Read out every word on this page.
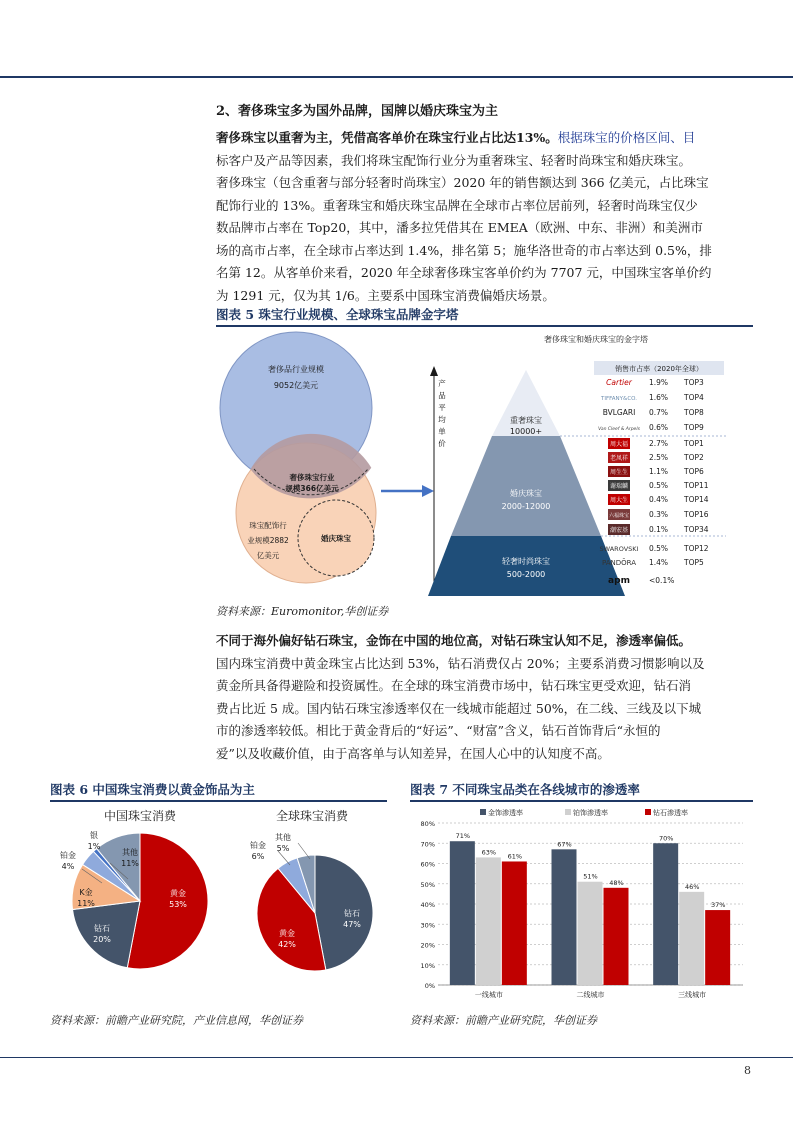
2、奢侈珠宝多为国外品牌，国牌以婚庆珠宝为主
奢侈珠宝以重奢为主，凭借高客单价在珠宝行业占比达13%。根据珠宝的价格区间、目
标客户及产品等因素，我们将珠宝配饰行业分为重奢珠宝、轻奢时尚珠宝和婚庆珠宝。
奢侈珠宝（包含重奢与部分轻奢时尚珠宝）2020 年的销售额达到 366 亿美元，占比珠宝
配饰行业的 13%。重奢珠宝和婚庆珠宝品牌在全球市占率位居前列，轻奢时尚珠宝仅少
数品牌市占率在 Top20，其中，潘多拉凭借其在 EMEA（欧洲、中东、非洲）和美洲市
场的高市占率，在全球市占率达到 1.4%，排名第 5；施华洛世奇的市占率达到 0.5%，排
名第 12。从客单价来看，2020 年全球奢侈珠宝客单价约为 7707 元，中国珠宝客单价约
为 1291 元，仅为其 1/6。主要系中国珠宝消费偏婚庆场景。
图表 5 珠宝行业规模、全球珠宝品牌金字塔
奢侈品行业规模
9052亿美元
奢侈珠宝行业
规模366亿美元
珠宝配饰行
业规模2882
亿美元
婚庆珠宝
奢侈珠宝和婚庆珠宝的金字塔
产
品
平
均
单
价
重奢珠宝
10000+
婚庆珠宝
2000-12000
轻奢时尚珠宝
500-2000
销售市占率（2020年全球）
Cartier 1.9% TOP3
TIFFANY&CO. 1.6% TOP4
BVLGARI 0.7% TOP8
Van Cleef & Arpels 0.6% TOP9
周大福	2.7% TOP1
老凤祥	2.5% TOP2
周生生	1.1% TOP6
谢瑞麟	0.5% TOP11
周大生	0.4% TOP14
六福珠宝	0.3% TOP16
潮宏基	0.1% TOP34
SWAROVSKI 0.5% TOP12
PANDŌRA 1.4% TOP5
apm	<0.1%
资料来源：Euromonitor,华创证券
不同于海外偏好钻石珠宝，金饰在中国的地位高，对钻石珠宝认知不足，渗透率偏低。
国内珠宝消费中黄金珠宝占比达到 53%，钻石消费仅占 20%；主要系消费习惯影响以及
黄金所具备得避险和投资属性。在全球的珠宝消费市场中，钻石珠宝更受欢迎，钻石消
费占比近 5 成。国内钻石珠宝渗透率仅在一线城市能超过 50%，在二线、三线及以下城
市的渗透率较低。相比于黄金背后的“好运”、“财富”含义，钻石首饰背后“永恒的
爱”以及收藏价值，由于高客单与认知差异，在国人心中的认知度不高。
图表 6 中国珠宝消费以黄金饰品为主
中国珠宝消费
黄金
53%
钻石
20%
K金
11%
铂金
4%
银
1%
其他
11%
全球珠宝消费
钻石
47%
黄金
42%
铂金
6%
其他
5%
资料来源：前瞻产业研究院，产业信息网，华创证券
图表 7 不同珠宝品类在各线城市的渗透率
0%
10%
20%
30%
40%
50%
60%
70%
80%
金饰渗透率	铂饰渗透率	钻石渗透率
71%
63%
61%
一线城市
67%
51%
48%
二线城市
70%
46%
37%
三线城市
资料来源：前瞻产业研究院，华创证券
8
